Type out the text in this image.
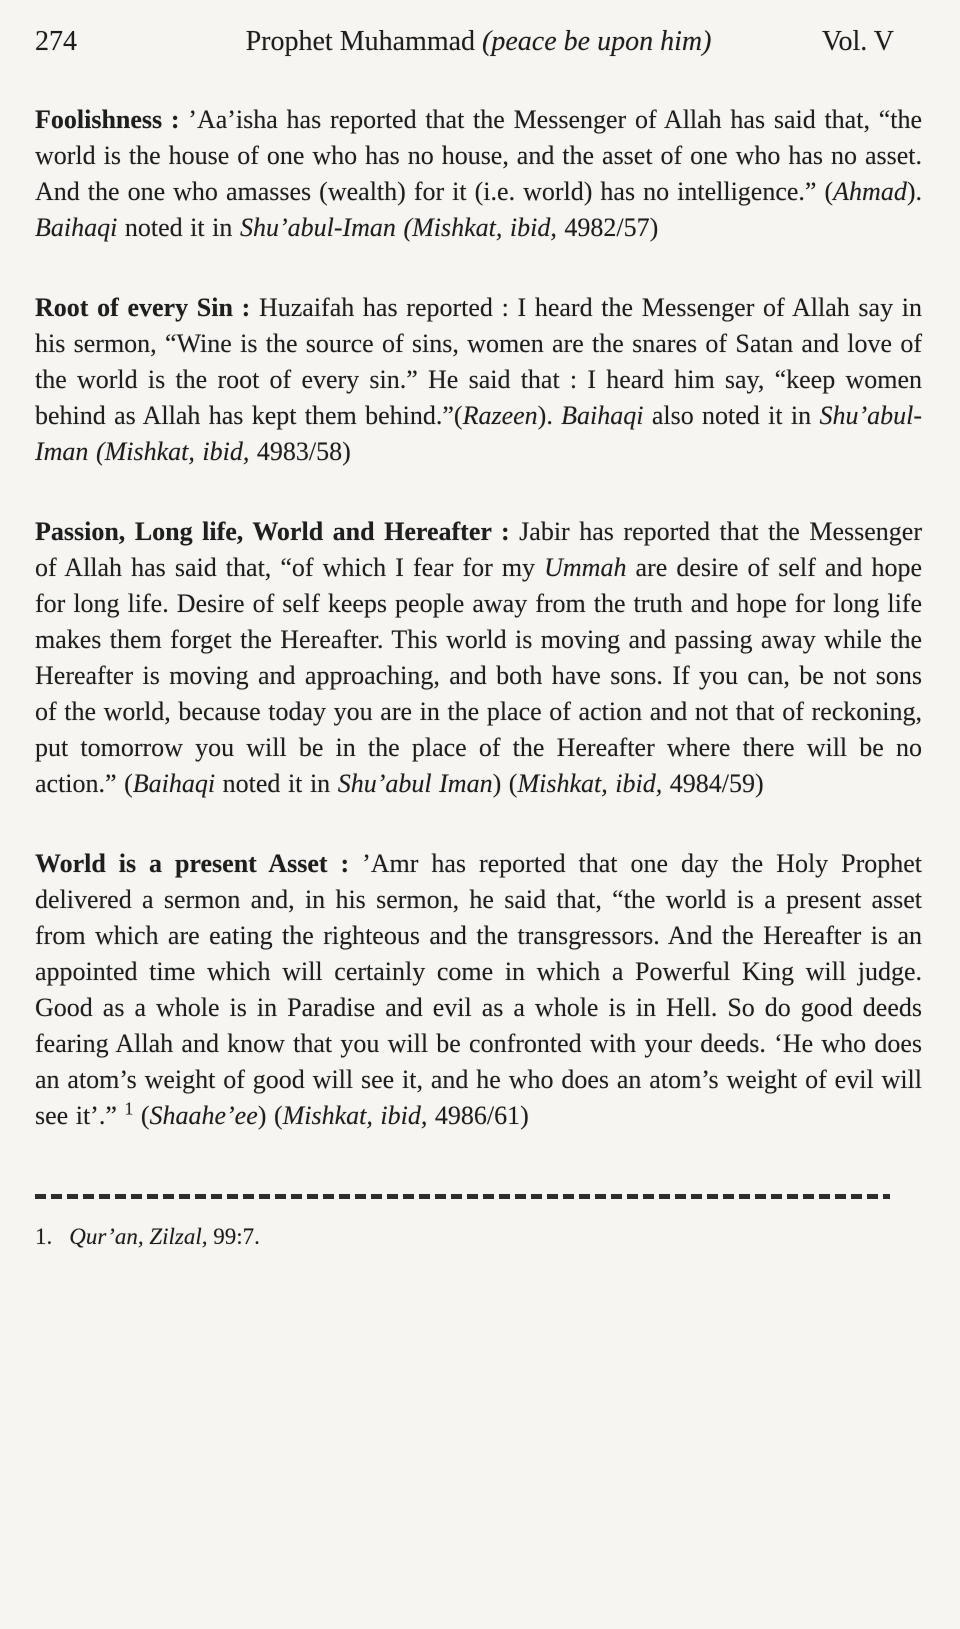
274	Prophet Muhammad (peace be upon him)	Vol. V

Foolishness : ’Aa’isha has reported that the Messenger of Allah has said that, “the world is the house of one who has no house, and the asset of one who has no asset. And the one who amasses (wealth) for it (i.e. world) has no intelligence.” (Ahmad). Baihaqi noted it in Shu’abul-Iman (Mishkat, ibid, 4982/57)

Root of every Sin : Huzaifah has reported : I heard the Messenger of Allah say in his sermon, “Wine is the source of sins, women are the snares of Satan and love of the world is the root of every sin.” He said that : I heard him say, “keep women behind as Allah has kept them behind.”(Razeen). Baihaqi also noted it in Shu’abul-Iman (Mishkat, ibid, 4983/58)

Passion, Long life, World and Hereafter : Jabir has reported that the Messenger of Allah has said that, “of which I fear for my Ummah are desire of self and hope for long life. Desire of self keeps people away from the truth and hope for long life makes them forget the Hereafter. This world is moving and passing away while the Hereafter is moving and approaching, and both have sons. If you can, be not sons of the world, because today you are in the place of action and not that of reckoning, put tomorrow you will be in the place of the Hereafter where there will be no action.” (Baihaqi noted it in Shu’abul Iman) (Mishkat, ibid, 4984/59)

World is a present Asset : ’Amr has reported that one day the Holy Prophet delivered a sermon and, in his sermon, he said that, “the world is a present asset from which are eating the righteous and the transgressors. And the Hereafter is an appointed time which will certainly come in which a Powerful King will judge. Good as a whole is in Paradise and evil as a whole is in Hell. So do good deeds fearing Allah and know that you will be confronted with your deeds. ‘He who does an atom’s weight of good will see it, and he who does an atom’s weight of evil will see it’.” $^1$ (Shaahe’ee) (Mishkat, ibid, 4986/61)

1. Qur’an, Zilzal, 99:7.
